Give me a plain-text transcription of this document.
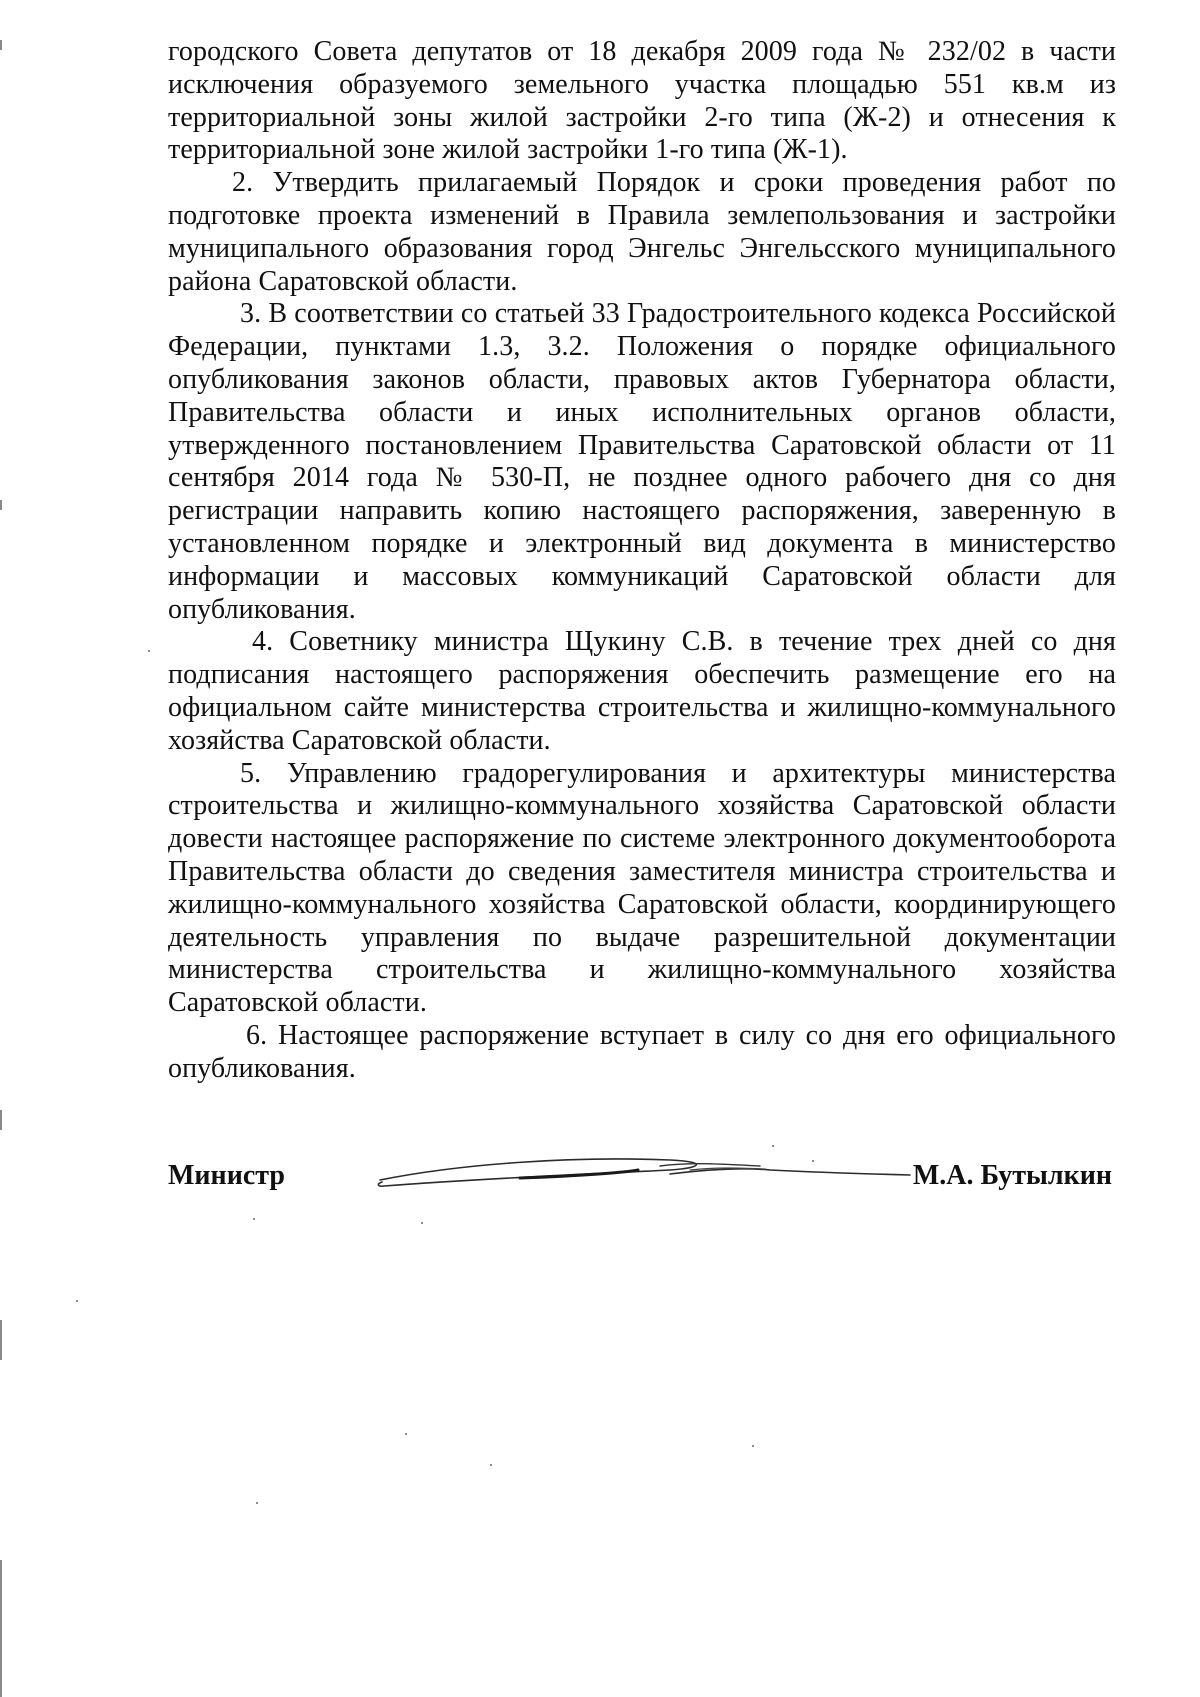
городского Совета депутатов от 18 декабря 2009 года № 232/02 в части исключения образуемого земельного участка площадью 551 кв.м из территориальной зоны жилой застройки 2-го типа (Ж-2) и отнесения к территориальной зоне жилой застройки 1-го типа (Ж-1).

2. Утвердить прилагаемый Порядок и сроки проведения работ по подготовке проекта изменений в Правила землепользования и застройки муниципального образования город Энгельс Энгельсского муниципального района Саратовской области.

3. В соответствии со статьей 33 Градостроительного кодекса Российской Федерации, пунктами 1.3, 3.2. Положения о порядке официального опубликования законов области, правовых актов Губернатора области, Правительства области и иных исполнительных органов области, утвержденного постановлением Правительства Саратовской области от 11 сентября 2014 года № 530-П, не позднее одного рабочего дня со дня регистрации направить копию настоящего распоряжения, заверенную в установленном порядке и электронный вид документа в министерство информации и массовых коммуникаций Саратовской области для опубликования.

4. Советнику министра Щукину С.В. в течение трех дней со дня подписания настоящего распоряжения обеспечить размещение его на официальном сайте министерства строительства и жилищно-коммунального хозяйства Саратовской области.

5. Управлению градорегулирования и архитектуры министерства строительства и жилищно-коммунального хозяйства Саратовской области довести настоящее распоряжение по системе электронного документооборота Правительства области до сведения заместителя министра строительства и жилищно-коммунального хозяйства Саратовской области, координирующего деятельность управления по выдаче разрешительной документации министерства строительства и жилищно-коммунального хозяйства Саратовской области.

6. Настоящее распоряжение вступает в силу со дня его официального опубликования.

Министр	М.А. Бутылкин
